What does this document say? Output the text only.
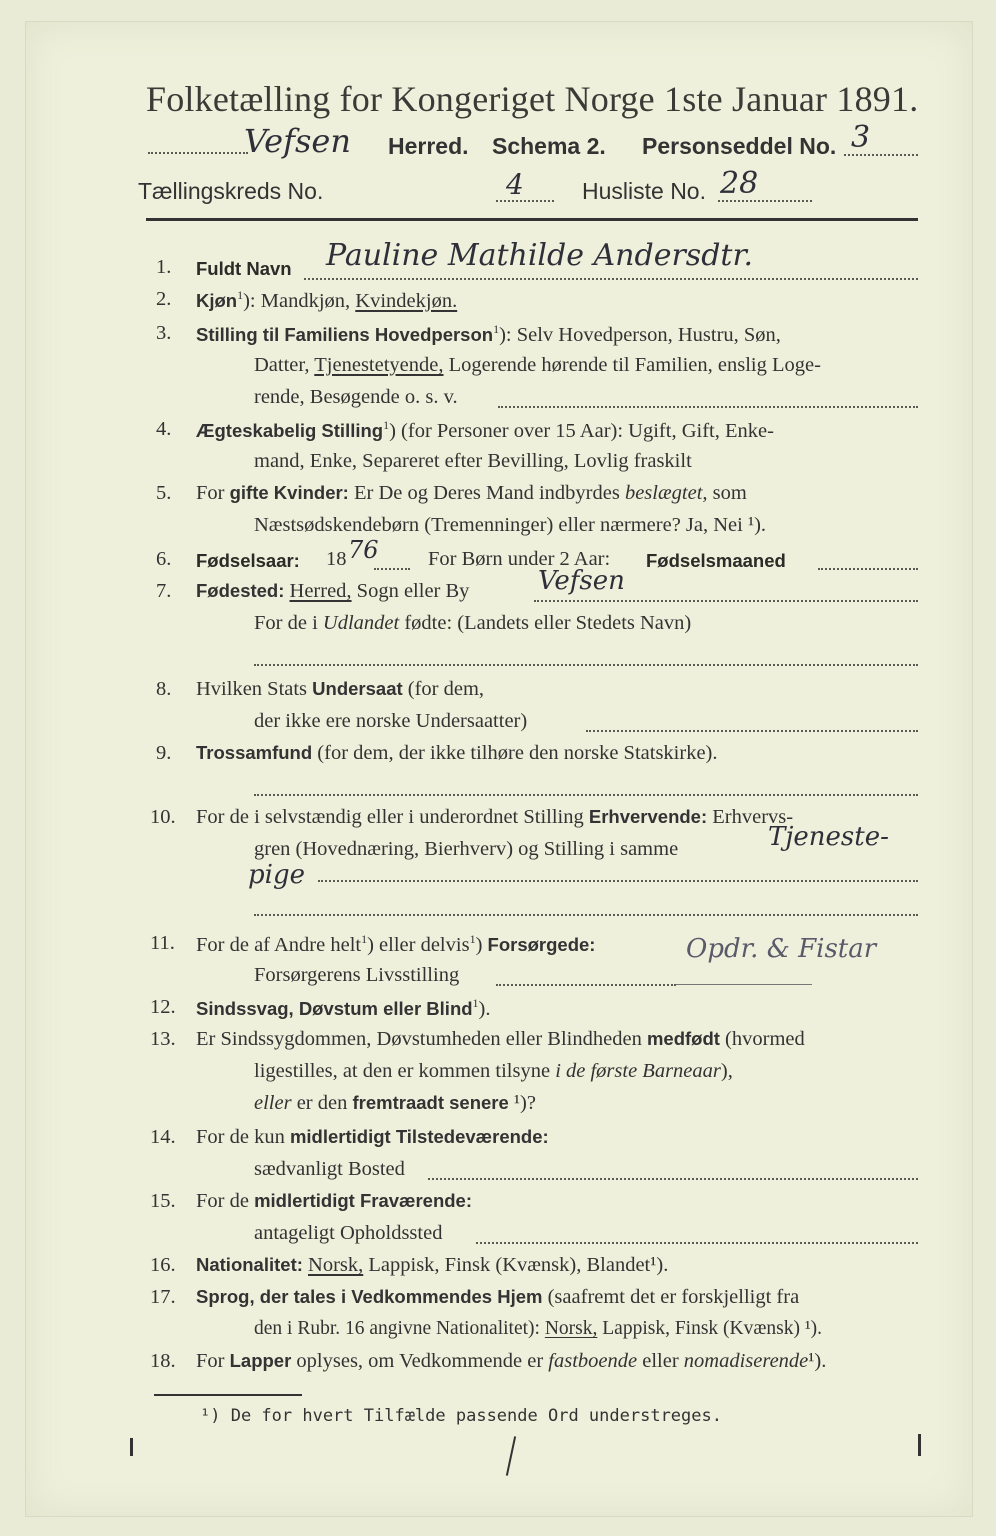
Folketælling for Kongeriget Norge 1ste Januar 1891.
Vefsen Herred. Schema 2. Personseddel No. 3
Tællingskreds No.	4	Husliste No. 28
1. Fuldt Navn Pauline Mathilde Andersdtr.
2. Kjøn$^1$): Mandkjøn, Kvindekjøn.
3. Stilling til Familiens Hovedperson$^1$): Selv Hovedperson, Hustru, Søn,
Datter, Tjenestetyende, Logerende hørende til Familien, enslig Loge-
rende, Besøgende o. s. v.
4. Ægteskabelig Stilling$^1$) (for Personer over 15 Aar): Ugift, Gift, Enke-
mand, Enke, Separeret efter Bevilling, Lovlig fraskilt
5. For gifte Kvinder: Er De og Deres Mand indbyrdes beslægtet, som
Næstsødskendebørn (Tremenninger) eller nærmere? Ja, Nei ¹).
6. Fødselsaar: 18 76 For Børn under 2 Aar: Fødselsmaaned
7. Fødested: Herred, Sogn eller By	Vefsen
For de i Udlandet fødte: (Landets eller Stedets Navn)
8. Hvilken Stats Undersaat (for dem,
der ikke ere norske Undersaatter)
9. Trossamfund (for dem, der ikke tilhøre den norske Statskirke).
10. For de i selvstændig eller i underordnet Stilling Erhvervende: Erhvervs-
gren (Hovednæring, Bierhverv) og Stilling i samme	Tjeneste-
pige
11. For de af Andre helt$^1$) eller delvis$^1$) Forsørgede:
Forsørgerens Livsstilling
Opdr. & Fistar
12. Sindssvag, Døvstum eller Blind$^1$).
13. Er Sindssygdommen, Døvstumheden eller Blindheden medfødt (hvormed
ligestilles, at den er kommen tilsyne i de første Barneaar),
eller er den fremtraadt senere ¹)?
14. For de kun midlertidigt Tilstedeværende:
sædvanligt Bosted
15. For de midlertidigt Fraværende:
antageligt Opholdssted
16. Nationalitet: Norsk, Lappisk, Finsk (Kvænsk), Blandet¹).
17. Sprog, der tales i Vedkommendes Hjem (saafremt det er forskjelligt fra
den i Rubr. 16 angivne Nationalitet): Norsk, Lappisk, Finsk (Kvænsk) ¹).
18. For Lapper oplyses, om Vedkommende er fastboende eller nomadiserende¹).
¹) De for hvert Tilfælde passende Ord understreges.
